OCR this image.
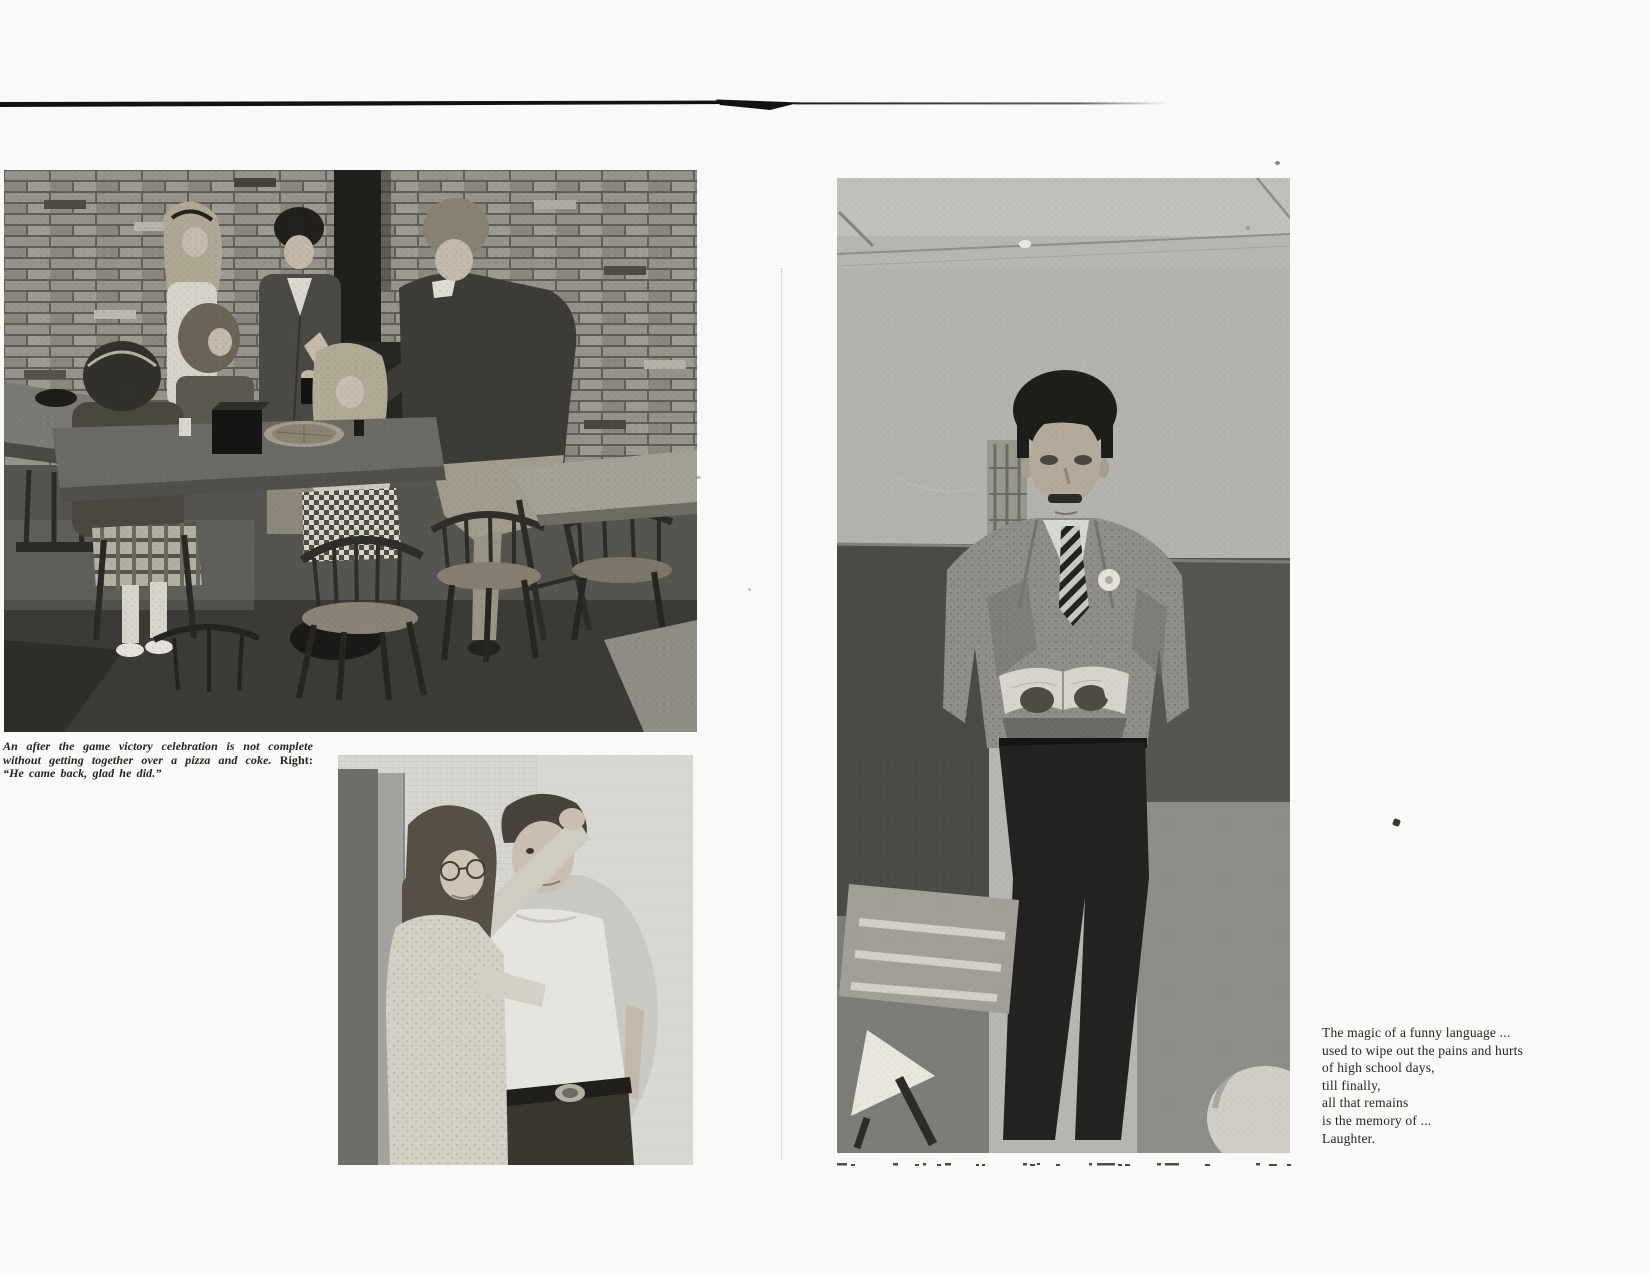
An after the game victory celebration is not complete without getting together over a pizza and coke. Right: “He came back, glad he did.”

The magic of a funny language ...
used to wipe out the pains and hurts
of high school days,
till finally,
all that remains
is the memory of ...
Laughter.
